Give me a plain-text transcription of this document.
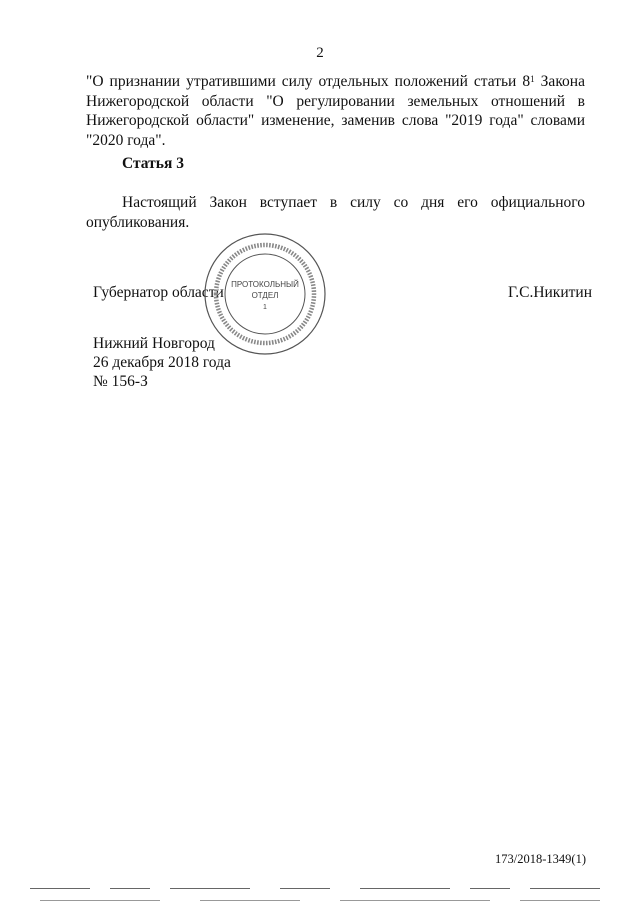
2
"О признании утратившими силу отдельных положений статьи $8^1$ Закона Нижегородской области "О регулировании земельных отношений в Нижегородской области" изменение, заменив слова "2019 года" словами "2020 года".
Статья 3
Настоящий Закон вступает в силу со дня его официального опубликования.
Губернатор области	Г.С.Никитин
ПРОТОКОЛЬНЫЙ
ОТДЕЛ
1
Нижний Новгород
26 декабря 2018 года
№ 156-З
173/2018-1349(1)
